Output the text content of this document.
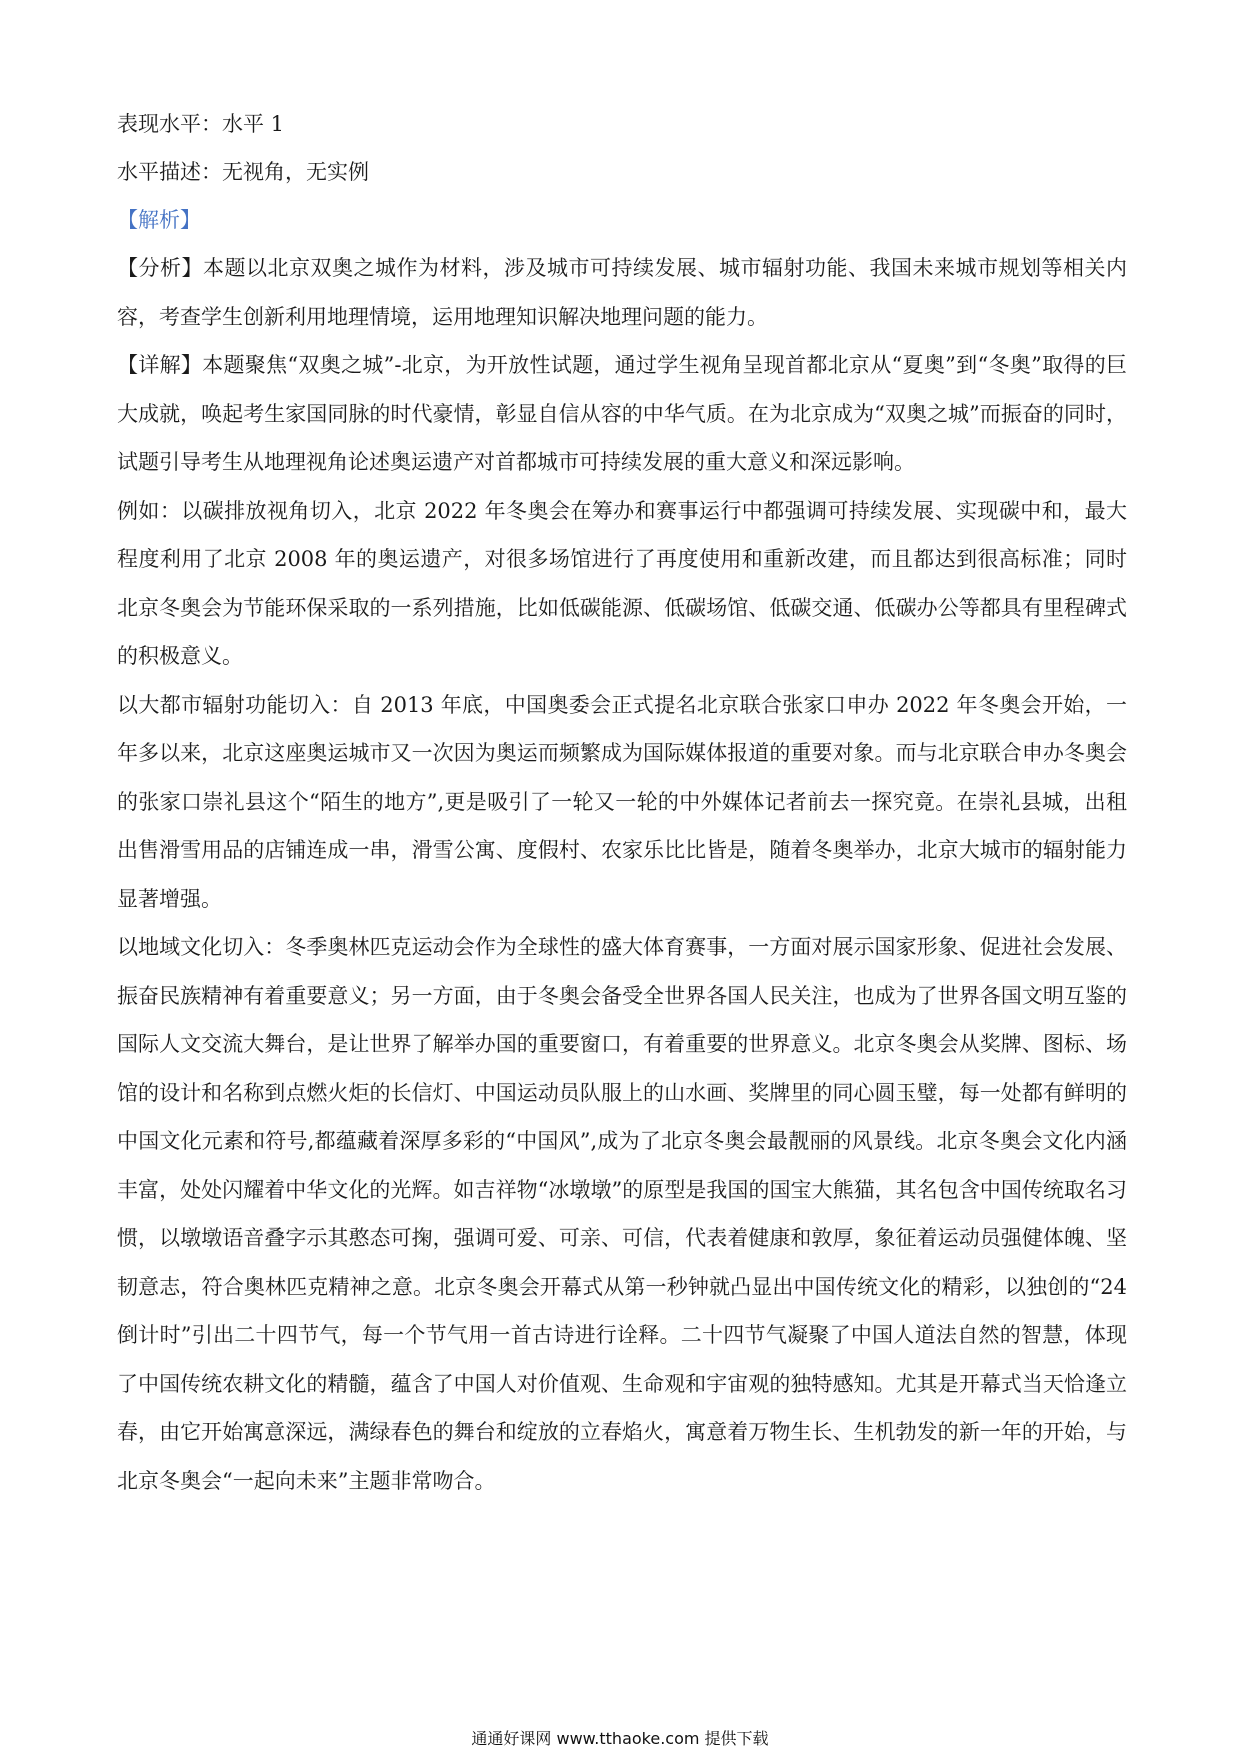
表现水平：水平 1
水平描述：无视角，无实例
【解析】

【分析】本题以北京双奥之城作为材料，涉及城市可持续发展、城市辐射功能、我国未来城市规划等相关内容，考查学生创新利用地理情境，运用地理知识解决地理问题的能力。

【详解】本题聚焦“双奥之城”-北京，为开放性试题，通过学生视角呈现首都北京从“夏奥”到“冬奥”取得的巨大成就，唤起考生家国同脉的时代豪情，彰显自信从容的中华气质。在为北京成为“双奥之城”而振奋的同时，试题引导考生从地理视角论述奥运遗产对首都城市可持续发展的重大意义和深远影响。

例如：以碳排放视角切入，北京 2022 年冬奥会在筹办和赛事运行中都强调可持续发展、实现碳中和，最大程度利用了北京 2008 年的奥运遗产，对很多场馆进行了再度使用和重新改建，而且都达到很高标准；同时北京冬奥会为节能环保采取的一系列措施，比如低碳能源、低碳场馆、低碳交通、低碳办公等都具有里程碑式的积极意义。

以大都市辐射功能切入：自 2013 年底，中国奥委会正式提名北京联合张家口申办 2022 年冬奥会开始，一年多以来，北京这座奥运城市又一次因为奥运而频繁成为国际媒体报道的重要对象。而与北京联合申办冬奥会的张家口崇礼县这个“陌生的地方”,更是吸引了一轮又一轮的中外媒体记者前去一探究竟。在崇礼县城，出租出售滑雪用品的店铺连成一串，滑雪公寓、度假村、农家乐比比皆是，随着冬奥举办，北京大城市的辐射能力显著增强。

以地域文化切入：冬季奥林匹克运动会作为全球性的盛大体育赛事，一方面对展示国家形象、促进社会发展、振奋民族精神有着重要意义；另一方面，由于冬奥会备受全世界各国人民关注，也成为了世界各国文明互鉴的国际人文交流大舞台，是让世界了解举办国的重要窗口，有着重要的世界意义。北京冬奥会从奖牌、图标、场馆的设计和名称到点燃火炬的长信灯、中国运动员队服上的山水画、奖牌里的同心圆玉璧，每一处都有鲜明的中国文化元素和符号,都蕴藏着深厚多彩的“中国风”,成为了北京冬奥会最靓丽的风景线。北京冬奥会文化内涵丰富，处处闪耀着中华文化的光辉。如吉祥物“冰墩墩”的原型是我国的国宝大熊猫，其名包含中国传统取名习惯，以墩墩语音叠字示其憨态可掬，强调可爱、可亲、可信，代表着健康和敦厚，象征着运动员强健体魄、坚韧意志，符合奥林匹克精神之意。北京冬奥会开幕式从第一秒钟就凸显出中国传统文化的精彩，以独创的“24 倒计时”引出二十四节气，每一个节气用一首古诗进行诠释。二十四节气凝聚了中国人道法自然的智慧，体现了中国传统农耕文化的精髓，蕴含了中国人对价值观、生命观和宇宙观的独特感知。尤其是开幕式当天恰逢立春，由它开始寓意深远，满绿春色的舞台和绽放的立春焰火，寓意着万物生长、生机勃发的新一年的开始，与北京冬奥会“一起向未来”主题非常吻合。

通通好课网 www.tthaoke.com 提供下载
